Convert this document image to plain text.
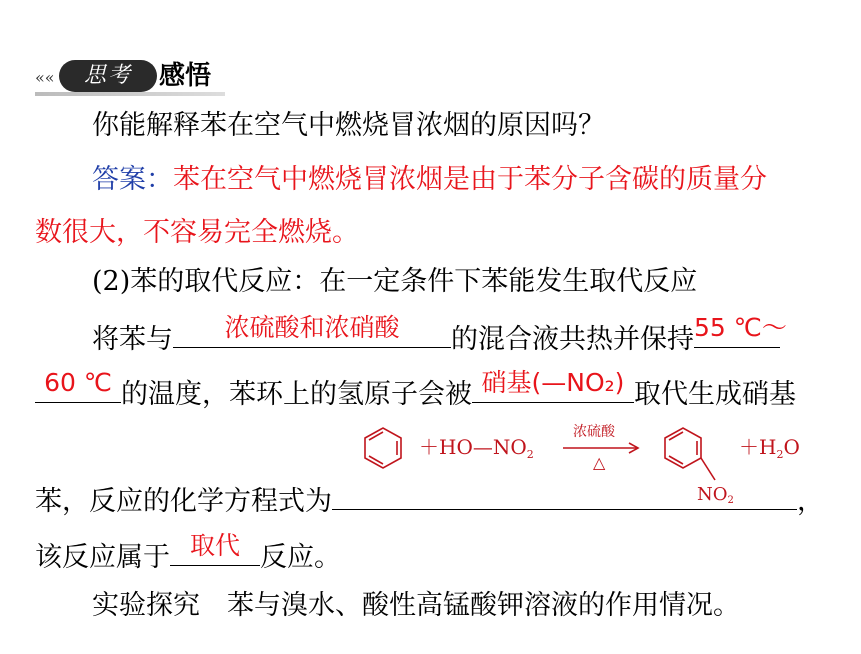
««	思考	感悟
你能解释苯在空气中燃烧冒浓烟的原因吗？
答案：苯在空气中燃烧冒浓烟是由于苯分子含碳的质量分
数很大，不容易完全燃烧。
(2)苯的取代反应：在一定条件下苯能发生取代反应
将苯与	浓硫酸和浓硝酸	的混合液共热并保持 55 ℃～
60 ℃ 的温度，苯环上的氢原子会被 硝基(—NO₂) 取代生成硝基
$+HO—NO_2$
浓硫酸
△
NO2
$+H_2O$
苯，反应的化学方程式为	，
该反应属于 取代 反应。
实验探究　苯与溴水、酸性高锰酸钾溶液的作用情况。
